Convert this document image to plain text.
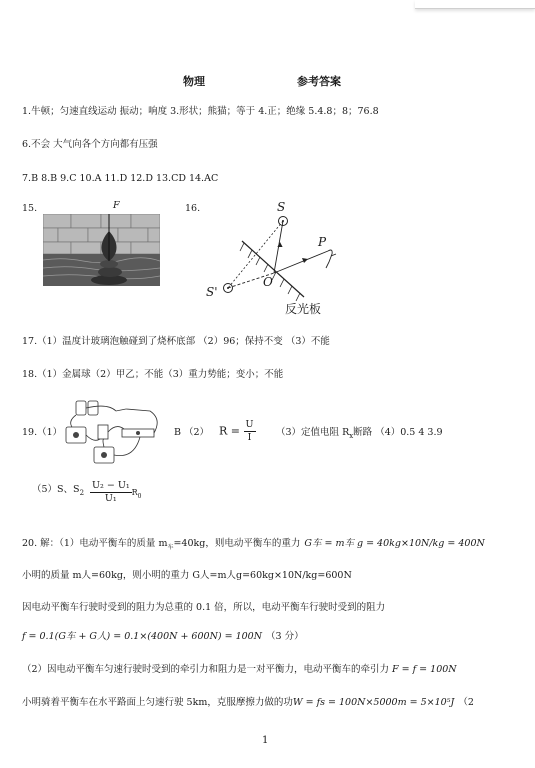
物理	参考答案
1.牛顿；匀速直线运动 振动；响度 3.形状；熊猫；等于 4.正；绝缘 5.4.8；8；76.8
6.不会 大气向各个方向都有压强
7.B 8.B 9.C 10.A 11.D 12.D 13.CD 14.AC
15.	16.
F	S
P
O
S'
反光板
17.（1）温度计玻璃泡触碰到了烧杯底部 （2）96；保持不变 （3）不能
18.（1）金属球（2）甲乙；不能（3）重力势能；变小；不能
19.（1）	B （2） $R = \frac{U}{I} (3)$定值电阻 $R_x$断路 （4）0.5 4 3.9
（5）S、$S_2 \frac{\text{U₂ − U₁}}{\text{U₁}} R_0$
20. 解：（1）电动平衡车的质量 $m_车=40kg$，则电动平衡车的重力 G车 = m车 g = 40kg×10N/kg = 400N
小明的质量 m人=60kg，则小明的重力 G人=m人g=60kg×10N/kg=600N
因电动平衡车行驶时受到的阻力为总重的 0.1 倍，所以，电动平衡车行驶时受到的阻力
f = 0.1(G车 + G人) = 0.1×(400N + 600N) = 100N （3 分）
（2）因电动平衡车匀速行驶时受到的牵引力和阻力是一对平衡力，电动平衡车的牵引力 F = f = 100N
小明骑着平衡车在水平路面上匀速行驶 5km，克服摩擦力做的功W = fs = 100N×5000m = 5×10⁵J （2
1
